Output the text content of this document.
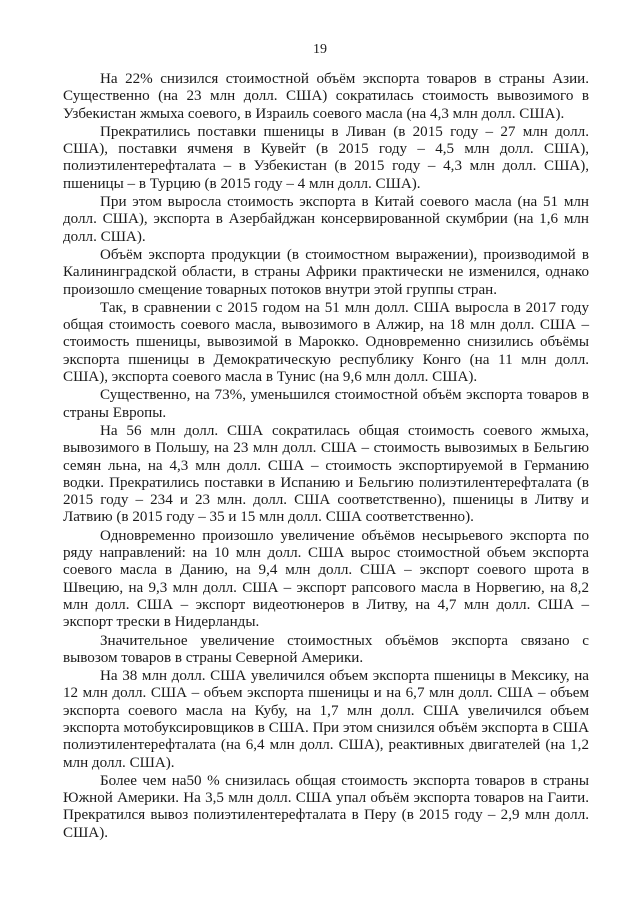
19

На 22% снизился стоимостной объём экспорта товаров в страны Азии. Существенно (на 23 млн долл. США) сократилась стоимость вывозимого в Узбекистан жмыха соевого, в Израиль соевого масла (на 4,3 млн долл. США).

Прекратились поставки пшеницы в Ливан (в 2015 году – 27 млн долл. США), поставки ячменя в Кувейт (в 2015 году – 4,5 млн долл. США), полиэтилентерефталата – в Узбекистан (в 2015 году – 4,3 млн долл. США), пшеницы – в Турцию (в 2015 году – 4 млн долл. США).

При этом выросла стоимость экспорта в Китай соевого масла (на 51 млн долл. США), экспорта в Азербайджан консервированной скумбрии (на 1,6 млн долл. США).

Объём экспорта продукции (в стоимостном выражении), производимой в Калининградской области, в страны Африки практически не изменился, однако произошло смещение товарных потоков внутри этой группы стран.

Так, в сравнении с 2015 годом на 51 млн долл. США выросла в 2017 году общая стоимость соевого масла, вывозимого в Алжир, на 18 млн долл. США – стоимость пшеницы, вывозимой в Марокко. Одновременно снизились объёмы экспорта пшеницы в Демократическую республику Конго (на 11 млн долл. США), экспорта соевого масла в Тунис (на 9,6 млн долл. США).

Существенно, на 73%, уменьшился стоимостной объём экспорта товаров в страны Европы.

На 56 млн долл. США сократилась общая стоимость соевого жмыха, вывозимого в Польшу, на 23 млн долл. США – стоимость вывозимых в Бельгию семян льна, на 4,3 млн долл. США – стоимость экспортируемой в Германию водки. Прекратились поставки в Испанию и Бельгию полиэтилентерефталата (в 2015 году – 234 и 23 млн. долл. США соответственно), пшеницы в Литву и Латвию (в 2015 году – 35 и 15 млн долл. США соответственно).

Одновременно произошло увеличение объёмов несырьевого экспорта по ряду направлений: на 10 млн долл. США вырос стоимостной объем экспорта соевого масла в Данию, на 9,4 млн долл. США – экспорт соевого шрота в Швецию, на 9,3 млн долл. США – экспорт рапсового масла в Норвегию, на 8,2 млн долл. США – экспорт видеотюнеров в Литву, на 4,7 млн долл. США – экспорт трески в Нидерланды.

Значительное увеличение стоимостных объёмов экспорта связано с вывозом товаров в страны Северной Америки.

На 38 млн долл. США увеличился объем экспорта пшеницы в Мексику, на 12 млн долл. США – объем экспорта пшеницы и на 6,7 млн долл. США – объем экспорта соевого масла на Кубу, на 1,7 млн долл. США увеличился объем экспорта мотобуксировщиков в США. При этом снизился объём экспорта в США полиэтилентерефталата (на 6,4 млн долл. США), реактивных двигателей (на 1,2 млн долл. США).

Более чем на50 % снизилась общая стоимость экспорта товаров в страны Южной Америки. На 3,5 млн долл. США упал объём экспорта товаров на Гаити. Прекратился вывоз полиэтилентерефталата в Перу (в 2015 году – 2,9 млн долл. США).
